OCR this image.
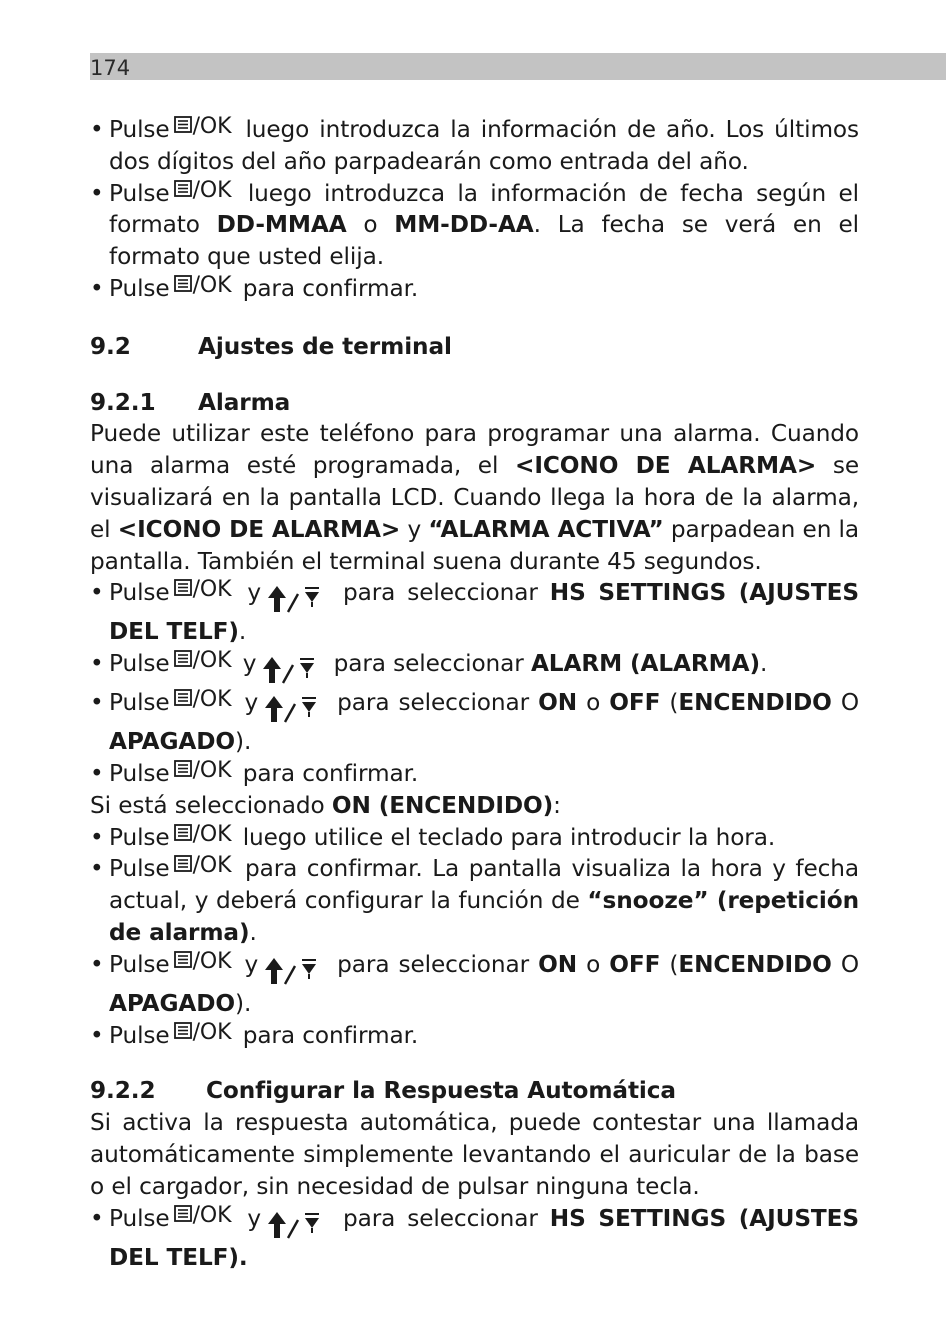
174
• Pulse /OK luego introduzca la información de año. Los últimos dos dígitos del año parpadearán como entrada del año.
• Pulse /OK luego introduzca la información de fecha según el formato DD-MMAA o MM-DD-AA. La fecha se verá en el formato que usted elija.
• Pulse /OK para confirmar.
9.2	Ajustes de terminal
9.2.1	Alarma
Puede utilizar este teléfono para programar una alarma. Cuando una alarma esté programada, el <ICONO DE ALARMA> se visualizará en la pantalla LCD. Cuando llega la hora de la alarma, el <ICONO DE ALARMA> y “ALARMA ACTIVA” parpadean en la pantalla. También el terminal suena durante 45 segundos.
• Pulse /OK y	para seleccionar HS SETTINGS (AJUSTES DEL TELF).
• Pulse /OK y	para seleccionar ALARM (ALARMA).
• Pulse /OK y	para seleccionar ON o OFF (ENCENDIDO O APAGADO).
• Pulse /OK para confirmar.
Si está seleccionado ON (ENCENDIDO):
• Pulse /OK luego utilice el teclado para introducir la hora.
• Pulse /OK para confirmar. La pantalla visualiza la hora y fecha actual, y deberá configurar la función de “snooze” (repetición de alarma).
• Pulse /OK y	para seleccionar ON o OFF (ENCENDIDO O APAGADO).
• Pulse /OK para confirmar.
9.2.2	Configurar la Respuesta Automática
Si activa la respuesta automática, puede contestar una llamada automáticamente simplemente levantando el auricular de la base o el cargador, sin necesidad de pulsar ninguna tecla.
• Pulse /OK y	para seleccionar HS SETTINGS (AJUSTES DEL TELF).
